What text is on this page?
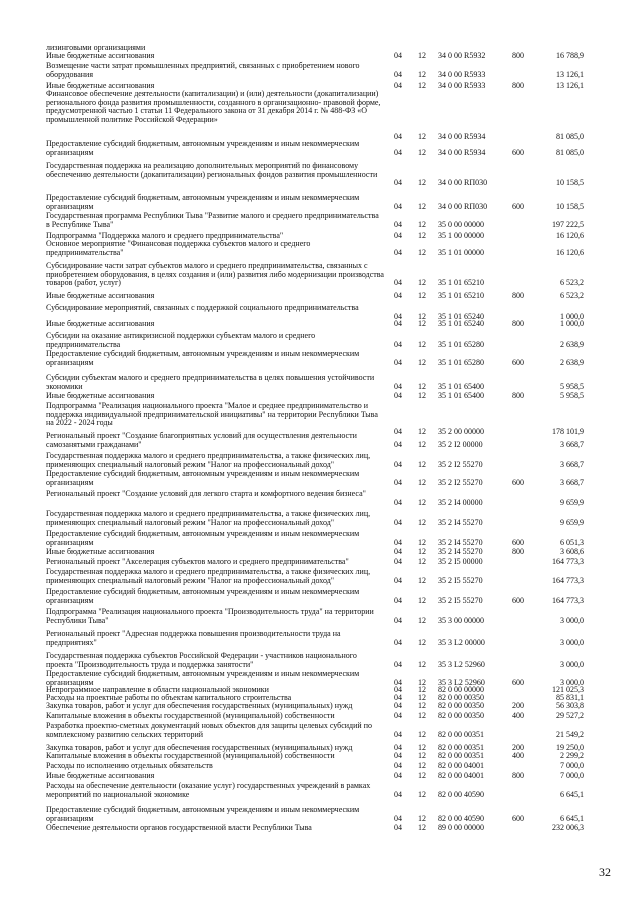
лизинговыми организациями
Иные бюджетные ассигнования	04	12	34 0 00 R5932	800	16 788,9
Возмещение части затрат промышленных предприятий, связанных с приобретением нового оборудования	04	12	34 0 00 R5933	13 126,1
Иные бюджетные ассигнования	04	12	34 0 00 R5933	800	13 126,1
Финансовое обеспечение деятельности (капитализации) и (или) деятельности (докапитализации) регионального фонда развития промышленности, созданного в организационно- правовой форме, предусмотренной частью 1 статьи 11 Федерального закона от 31 декабря 2014 г. № 488-ФЗ «О промышленной политике Российской Федерации»
04	12	34 0 00 R5934	81 085,0
Предоставление субсидий бюджетным, автономным учреждениям и иным некоммерческим организациям	04	12	34 0 00 R5934	600	81 085,0
Государственная поддержка на реализацию дополнительных мероприятий по финансовому обеспечению деятельности (докапитализации) региональных фондов развития промышленности
04	12	34 0 00 RП030	10 158,5
Предоставление субсидий бюджетным, автономным учреждениям и иным некоммерческим организациям	04	12	34 0 00 RП030	600	10 158,5
Государственная программа Республики Тыва "Развитие малого и среднего предпринимательства в Республике Тыва"	04	12	35 0 00 00000	197 222,5
Подпрограмма "Поддержка малого и среднего предпринимательства"	04	12	35 1 00 00000	16 120,6
Основное мероприятие "Финансовая поддержка субъектов малого и среднего предпринимательства"	04	12	35 1 01 00000	16 120,6
Субсидирование части затрат субъектов малого и среднего предпринимательства, связанных с приобретением оборудования, в целях создания и (или) развития либо модернизации производства товаров (работ, услуг)	04	12	35 1 01 65210	6 523,2
Иные бюджетные ассигнования	04	12	35 1 01 65210	800	6 523,2
Субсидирование мероприятий, связанных с поддержкой социального предпринимательства
04	12	35 1 01 65240	1 000,0
Иные бюджетные ассигнования	04	12	35 1 01 65240	800	1 000,0
Субсидии на оказание антикризисной поддержки субъектам малого и среднего предпринимательства	04	12	35 1 01 65280	2 638,9
Предоставление субсидий бюджетным, автономным учреждениям и иным некоммерческим организациям	04	12	35 1 01 65280	600	2 638,9
Субсидии субъектам малого и среднего предпринимательства в целях повышения устойчивости экономики	04	12	35 1 01 65400	5 958,5
Иные бюджетные ассигнования	04	12	35 1 01 65400	800	5 958,5
Подпрограмма "Реализация национального проекта "Малое и среднее предпринимательство и поддержка индивидуальной предпринимательской инициативы" на территории Республики Тыва на 2022 - 2024 годы
04	12	35 2 00 00000	178 101,9
Региональный проект "Создание благоприятных условий для осуществления деятельности самозанятыми гражданами"	04	12	35 2 I2 00000	3 668,7
Государственная поддержка малого и среднего предпринимательства, а также физических лиц, применяющих специальный налоговый режим "Налог на профессиональный доход"	04	12	35 2 I2 55270	3 668,7
Предоставление субсидий бюджетным, автономным учреждениям и иным некоммерческим организациям	04	12	35 2 I2 55270	600	3 668,7
Региональный проект "Создание условий для легкого старта и комфортного ведения бизнеса"
04	12	35 2 I4 00000	9 659,9
Государственная поддержка малого и среднего предпринимательства, а также физических лиц, применяющих специальный налоговый режим "Налог на профессиональный доход"	04	12	35 2 I4 55270	9 659,9
Предоставление субсидий бюджетным, автономным учреждениям и иным некоммерческим организациям	04	12	35 2 I4 55270	600	6 051,3
Иные бюджетные ассигнования	04	12	35 2 I4 55270	800	3 608,6
Региональный проект "Акселерация субъектов малого и среднего предпринимательства"	04	12	35 2 I5 00000	164 773,3
Государственная поддержка малого и среднего предпринимательства, а также физических лиц, применяющих специальный налоговый режим "Налог на профессиональный доход"	04	12	35 2 I5 55270	164 773,3
Предоставление субсидий бюджетным, автономным учреждениям и иным некоммерческим организациям	04	12	35 2 I5 55270	600	164 773,3
Подпрограмма "Реализация национального проекта "Производительность труда" на территории Республики Тыва"	04	12	35 3 00 00000	3 000,0
Региональный проект "Адресная поддержка повышения производительности труда на предприятиях"	04	12	35 3 L2 00000	3 000,0
Государственная поддержка субъектов Российской Федерации - участников национального проекта "Производительность труда и поддержка занятости"	04	12	35 3 L2 52960	3 000,0
Предоставление субсидий бюджетным, автономным учреждениям и иным некоммерческим организациям	04	12	35 3 L2 52960	600	3 000,0
Непрограммное направление в области национальной экономики	04	12	82 0 00 00000	121 025,3
Расходы на проектные работы по объектам капитального строительства	04	12	82 0 00 00350	85 831,1
Закупка товаров, работ и услуг для обеспечения государственных (муниципальных) нужд	04	12	82 0 00 00350	200	56 303,8
Капитальные вложения в объекты государственной (муниципальной) собственности	04	12	82 0 00 00350	400	29 527,2
Разработка проектно-сметных документаций новых объектов для защиты целевых субсидий по комплексному развитию сельских территорий	04	12	82 0 00 00351	21 549,2
Закупка товаров, работ и услуг для обеспечения государственных (муниципальных) нужд	04	12	82 0 00 00351	200	19 250,0
Капитальные вложения в объекты государственной (муниципальной) собственности	04	12	82 0 00 00351	400	2 299,2
Расходы по исполнению отдельных обязательств	04	12	82 0 00 04001	7 000,0
Иные бюджетные ассигнования	04	12	82 0 00 04001	800	7 000,0
Расходы на обеспечение деятельности (оказание услуг) государственных учреждений в рамках мероприятий по национальной экономике	04	12	82 0 00 40590	6 645,1
Предоставление субсидий бюджетным, автономным учреждениям и иным некоммерческим организациям	04	12	82 0 00 40590	600	6 645,1
Обеспечение деятельности органов государственной власти Республики Тыва	04	12	89 0 00 00000	232 006,3
32
